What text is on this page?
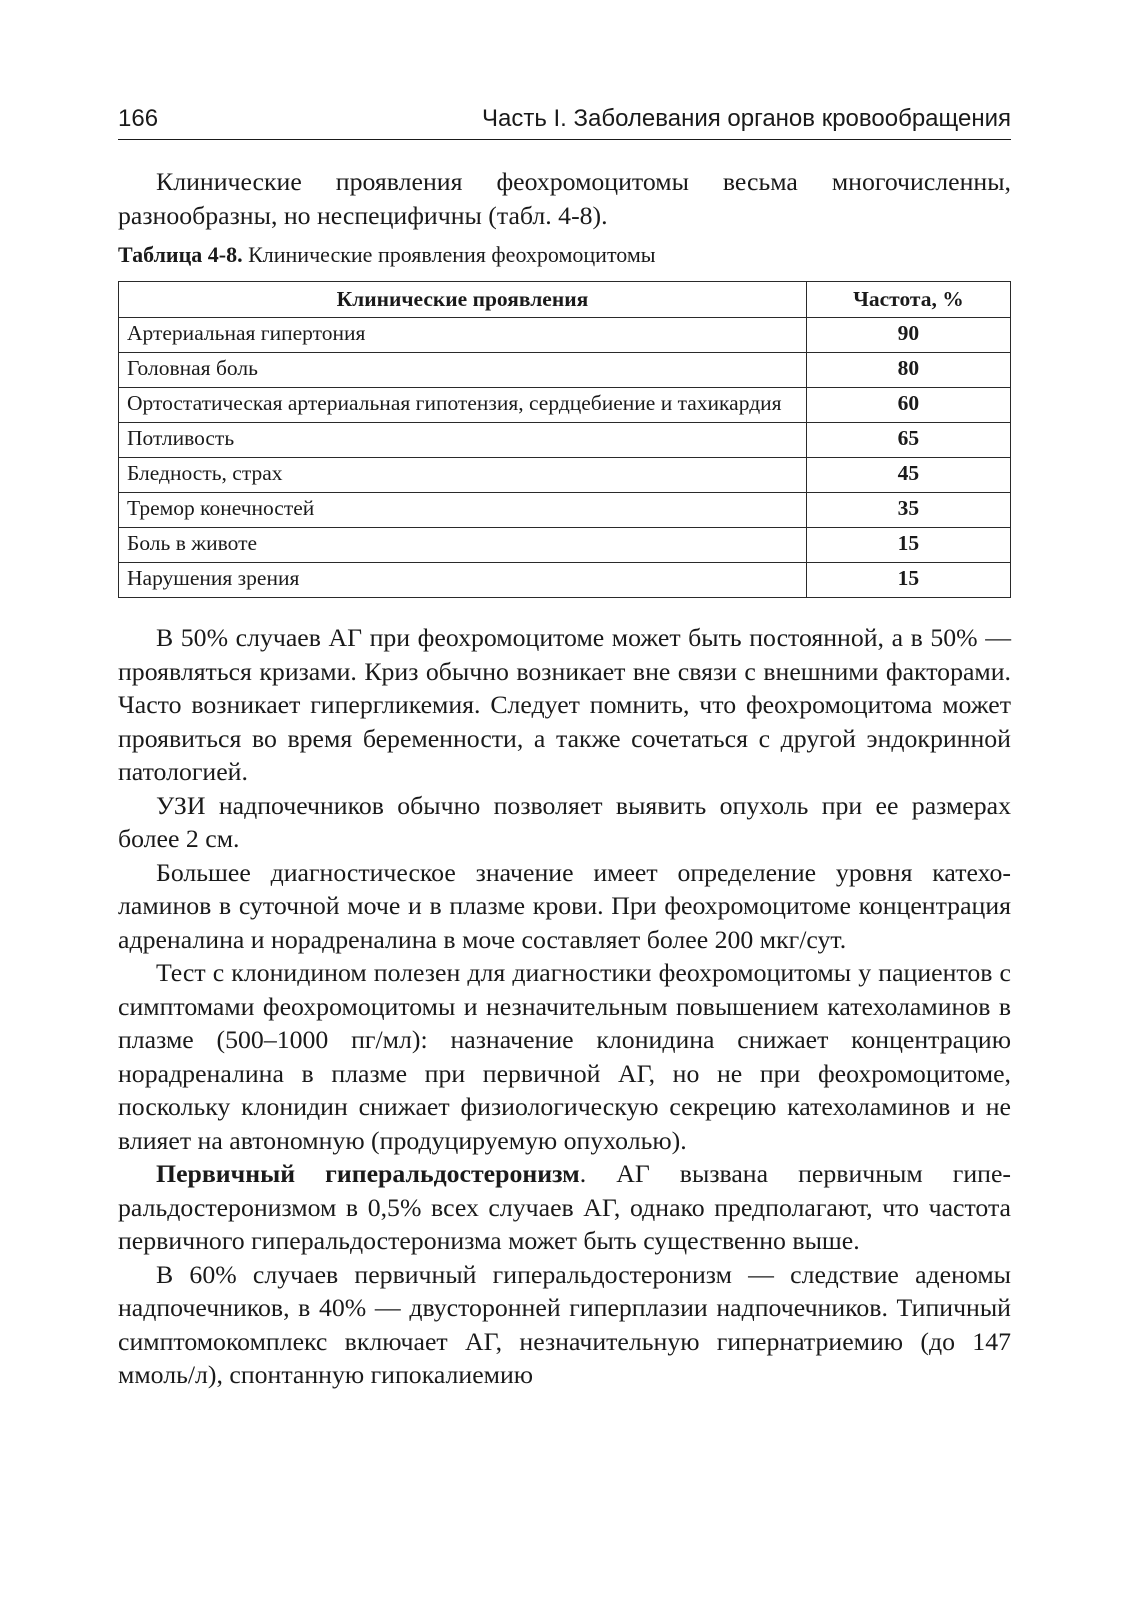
166	Часть I. Заболевания органов кровообращения

Клинические проявления феохромоцитомы весьма многочисленны, разнообразны, но неспецифичны (табл. 4-8).

Таблица 4-8. Клинические проявления феохромоцитомы
Клинические проявления	Частота, %
Артериальная гипертония	90
Головная боль	80
Ортостатическая артериальная гипотензия, сердцебиение и тахикардия	60
Потливость	65
Бледность, страх	45
Тремор конечностей	35
Боль в животе	15
Нарушения зрения	15

В 50% случаев АГ при феохромоцитоме может быть постоянной, а в 50% — проявляться кризами. Криз обычно возникает вне связи с внешними факторами. Часто возникает гипергликемия. Следует помнить, что феохромоцитома может проявиться во время беременности, а также сочетаться с другой эндокринной патологией.

УЗИ надпочечников обычно позволяет выявить опухоль при ее размерах более 2 см.

Большее диагностическое значение имеет определение уровня катехоламинов в суточной моче и в плазме крови. При феохромоцитоме концентрация адреналина и норадреналина в моче составляет более 200 мкг/сут.

Тест с клонидином полезен для диагностики феохромоцитомы у пациентов с симптомами феохромоцитомы и незначительным повышением катехоламинов в плазме (500–1000 пг/мл): назначение клонидина снижает концентрацию норадреналина в плазме при первичной АГ, но не при феохромоцитоме, поскольку клонидин снижает физиологическую секрецию катехоламинов и не влияет на автономную (продуцируемую опухолью).

Первичный гиперальдостеронизм. АГ вызвана первичным гиперальдостеронизмом в 0,5% всех случаев АГ, однако предполагают, что частота первичного гиперальдостеронизма может быть существенно выше.

В 60% случаев первичный гиперальдостеронизм — следствие аденомы надпочечников, в 40% — двусторонней гиперплазии надпочечников. Типичный симптомокомплекс включает АГ, незначительную гипернатриемию (до 147 ммоль/л), спонтанную гипокалиемию
